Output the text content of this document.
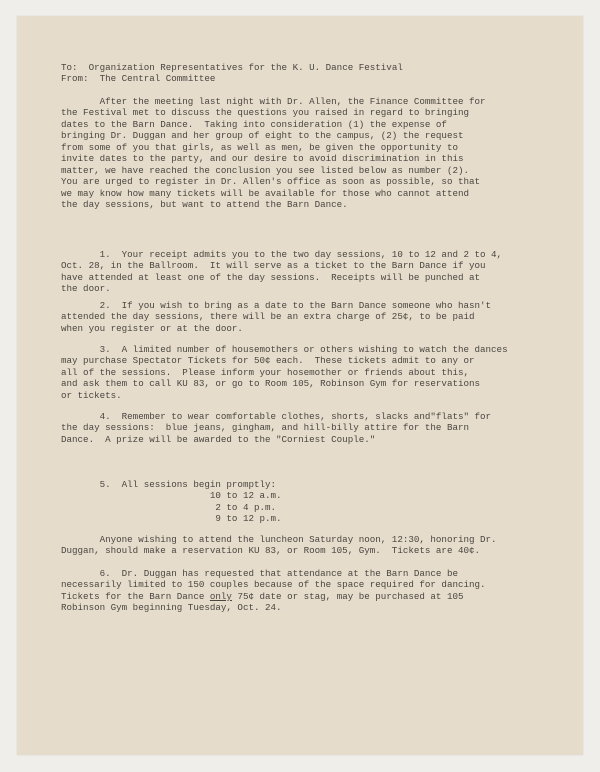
To: Organization Representatives for the K. U. Dance Festival
From: The Central Committee
After the meeting last night with Dr. Allen, the Finance Committee for
the Festival met to discuss the questions you raised in regard to bringing
dates to the Barn Dance.  Taking into consideration (1) the expense of
bringing Dr. Duggan and her group of eight to the campus, (2) the request
from some of you that girls, as well as men, be given the opportunity to
invite dates to the party, and our desire to avoid discrimination in this
matter, we have reached the conclusion you see listed below as number (2).
You are urged to register in Dr. Allen's office as soon as possible, so that
we may know how many tickets will be available for those who cannot attend
the day sessions, but want to attend the Barn Dance.
1.  Your receipt admits you to the two day sessions, 10 to 12 and 2 to 4,
Oct. 28, in the Ballroom.  It will serve as a ticket to the Barn Dance if you
have attended at least one of the day sessions.  Receipts will be punched at
the door.
2.  If you wish to bring as a date to the Barn Dance someone who hasn't
attended the day sessions, there will be an extra charge of 25¢, to be paid
when you register or at the door.
3.  A limited number of housemothers or others wishing to watch the dances
may purchase Spectator Tickets for 50¢ each.  These tickets admit to any or
all of the sessions.  Please inform your hosemother or friends about this,
and ask them to call KU 83, or go to Room 105, Robinson Gym for reservations
or tickets.
4.  Remember to wear comfortable clothes, shorts, slacks and"flats" for
the day sessions:  blue jeans, gingham, and hill-billy attire for the Barn
Dance.  A prize will be awarded to the "Corniest Couple."
5.  All sessions begin promptly:
10 to 12 a.m.
2 to 4 p.m.
9 to 12 p.m.
Anyone wishing to attend the luncheon Saturday noon, 12:30, honoring Dr.
Duggan, should make a reservation KU 83, or Room 105, Gym.  Tickets are 40¢.
6.  Dr. Duggan has requested that attendance at the Barn Dance be
necessarily limited to 150 couples because of the space required for dancing.
Tickets for the Barn Dance only 75¢ date or stag, may be purchased at 105
Robinson Gym beginning Tuesday, Oct. 24.
